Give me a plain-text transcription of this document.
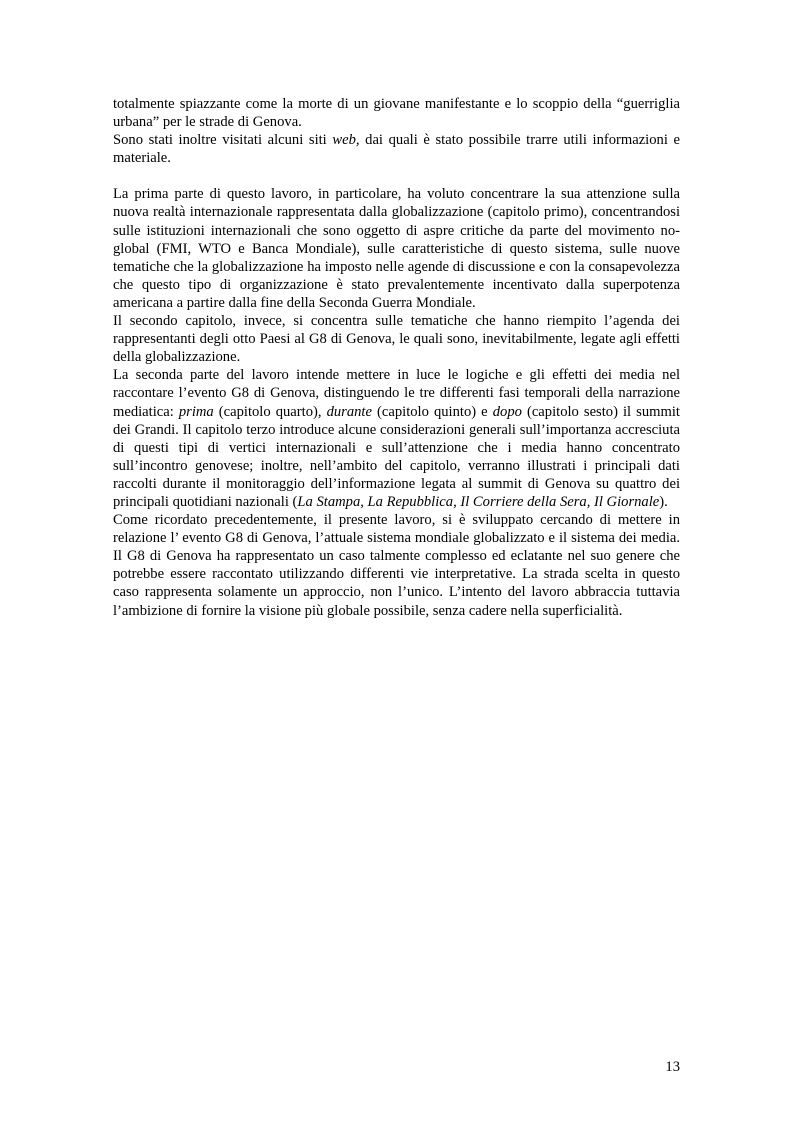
totalmente spiazzante come la morte di un giovane manifestante e lo scoppio della “guerriglia urbana” per le strade di Genova.

Sono stati inoltre visitati alcuni siti web, dai quali è stato possibile trarre utili informazioni e materiale.

La prima parte di questo lavoro, in particolare, ha voluto concentrare la sua attenzione sulla nuova realtà internazionale rappresentata dalla globalizzazione (capitolo primo), concentrandosi sulle istituzioni internazionali che sono oggetto di aspre critiche da parte del movimento no-global (FMI, WTO e Banca Mondiale), sulle caratteristiche di questo sistema, sulle nuove tematiche che la globalizzazione ha imposto nelle agende di discussione e con la consapevolezza che questo tipo di organizzazione è stato prevalentemente incentivato dalla superpotenza americana a partire dalla fine della Seconda Guerra Mondiale.

Il secondo capitolo, invece, si concentra sulle tematiche che hanno riempito l’agenda dei rappresentanti degli otto Paesi al G8 di Genova, le quali sono, inevitabilmente, legate agli effetti della globalizzazione.

La seconda parte del lavoro intende mettere in luce le logiche e gli effetti dei media nel raccontare l’evento G8 di Genova, distinguendo le tre differenti fasi temporali della narrazione mediatica: prima (capitolo quarto), durante (capitolo quinto) e dopo (capitolo sesto) il summit dei Grandi. Il capitolo terzo introduce alcune considerazioni generali sull’importanza accresciuta di questi tipi di vertici internazionali e sull’attenzione che i media hanno concentrato sull’incontro genovese; inoltre, nell’ambito del capitolo, verranno illustrati i principali dati raccolti durante il monitoraggio dell’informazione legata al summit di Genova su quattro dei principali quotidiani nazionali (La Stampa, La Repubblica, Il Corriere della Sera, Il Giornale).

Come ricordato precedentemente, il presente lavoro, si è sviluppato cercando di mettere in relazione l’ evento G8 di Genova, l’attuale sistema mondiale globalizzato e il sistema dei media. Il G8 di Genova ha rappresentato un caso talmente complesso ed eclatante nel suo genere che potrebbe essere raccontato utilizzando differenti vie interpretative. La strada scelta in questo caso rappresenta solamente un approccio, non l’unico. L’intento del lavoro abbraccia tuttavia l’ambizione di fornire la visione più globale possibile, senza cadere nella superficialità.

13
